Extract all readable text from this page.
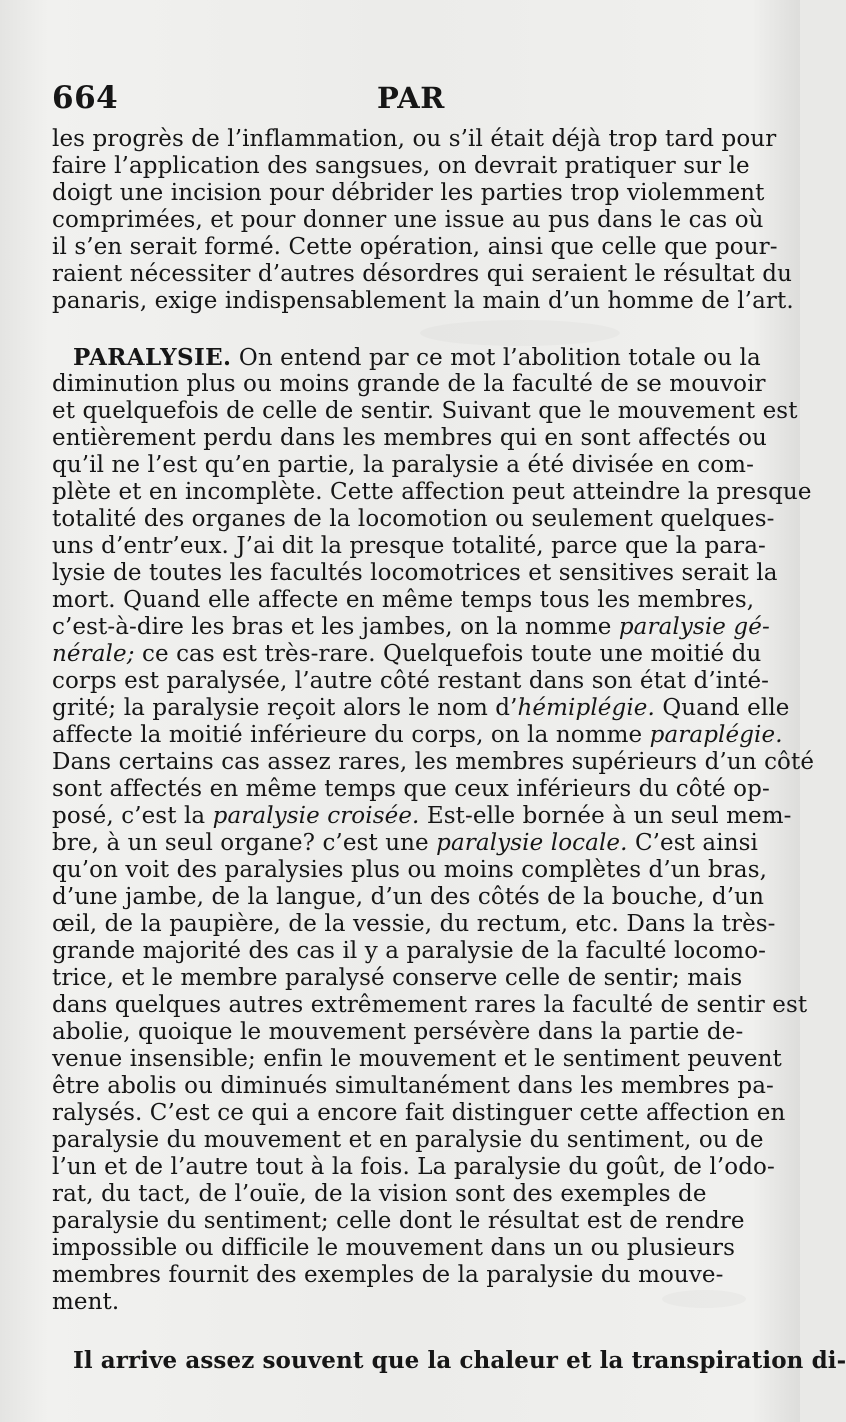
664	PAR
les progrès de l’inflammation, ou s’il était déjà trop tard pour
faire l’application des sangsues, on devrait pratiquer sur le
doigt une incision pour débrider les parties trop violemment
comprimées, et pour donner une issue au pus dans le cas où
il s’en serait formé. Cette opération, ainsi que celle que pour-
raient nécessiter d’autres désordres qui seraient le résultat du
panaris, exige indispensablement la main d’un homme de l’art.
PARALYSIE. On entend par ce mot l’abolition totale ou la
diminution plus ou moins grande de la faculté de se mouvoir
et quelquefois de celle de sentir. Suivant que le mouvement est
entièrement perdu dans les membres qui en sont affectés ou
qu’il ne l’est qu’en partie, la paralysie a été divisée en com-
plète et en incomplète. Cette affection peut atteindre la presque
totalité des organes de la locomotion ou seulement quelques-
uns d’entr’eux. J’ai dit la presque totalité, parce que la para-
lysie de toutes les facultés locomotrices et sensitives serait la
mort. Quand elle affecte en même temps tous les membres,
c’est-à-dire les bras et les jambes, on la nomme paralysie gé-
nérale; ce cas est très-rare. Quelquefois toute une moitié du
corps est paralysée, l’autre côté restant dans son état d’inté-
grité; la paralysie reçoit alors le nom d’hémiplégie. Quand elle
affecte la moitié inférieure du corps, on la nomme paraplégie.
Dans certains cas assez rares, les membres supérieurs d’un côté
sont affectés en même temps que ceux inférieurs du côté op-
posé, c’est la paralysie croisée. Est-elle bornée à un seul mem-
bre, à un seul organe? c’est une paralysie locale. C’est ainsi
qu’on voit des paralysies plus ou moins complètes d’un bras,
d’une jambe, de la langue, d’un des côtés de la bouche, d’un
œil, de la paupière, de la vessie, du rectum, etc. Dans la très-
grande majorité des cas il y a paralysie de la faculté locomo-
trice, et le membre paralysé conserve celle de sentir; mais
dans quelques autres extrêmement rares la faculté de sentir est
abolie, quoique le mouvement persévère dans la partie de-
venue insensible; enfin le mouvement et le sentiment peuvent
être abolis ou diminués simultanément dans les membres pa-
ralysés. C’est ce qui a encore fait distinguer cette affection en
paralysie du mouvement et en paralysie du sentiment, ou de
l’un et de l’autre tout à la fois. La paralysie du goût, de l’odo-
rat, du tact, de l’ouïe, de la vision sont des exemples de
paralysie du sentiment; celle dont le résultat est de rendre
impossible ou difficile le mouvement dans un ou plusieurs
membres fournit des exemples de la paralysie du mouve-
ment.
Il arrive assez souvent que la chaleur et la transpiration di-
